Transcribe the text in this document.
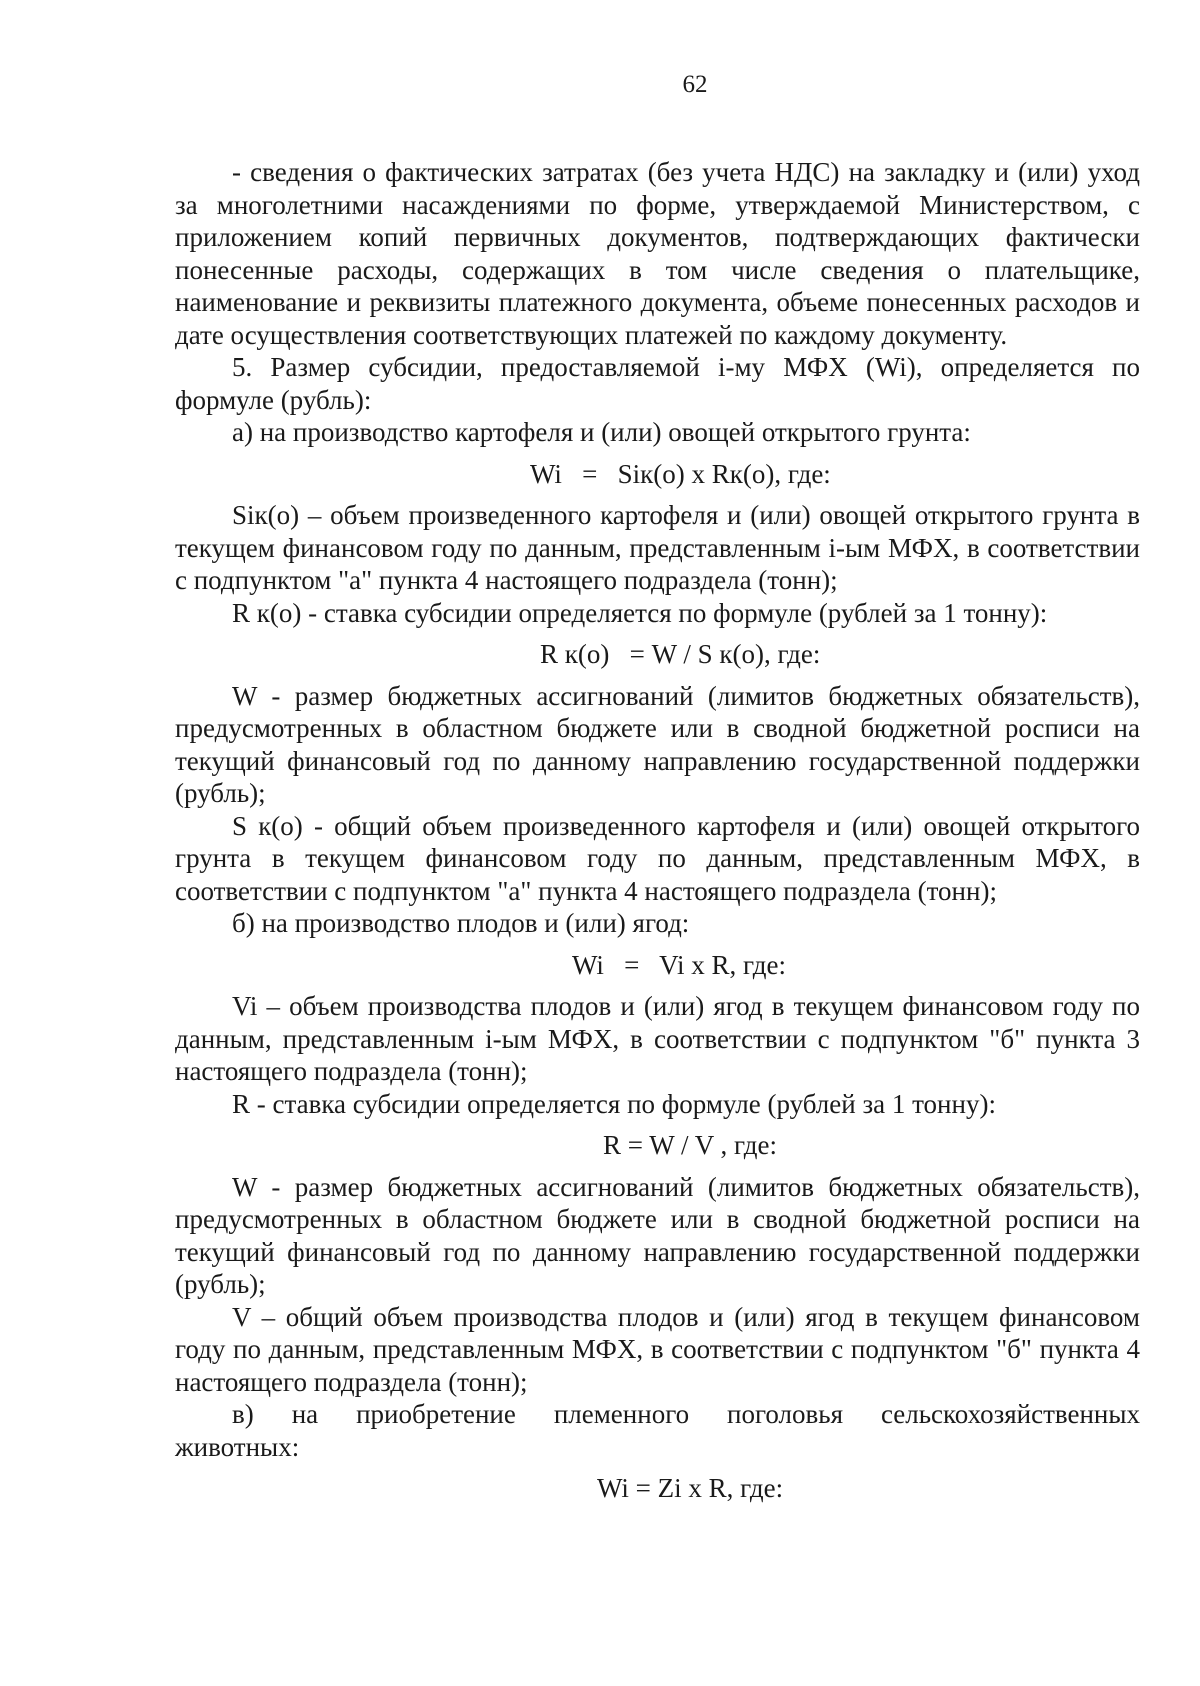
62

- сведения о фактических затратах (без учета НДС) на закладку и (или) уход за многолетними насаждениями по форме, утверждаемой Министерством, с приложением копий первичных документов, подтверждающих фактически понесенные расходы, содержащих в том числе сведения о плательщике, наименование и реквизиты платежного документа, объеме понесенных расходов и дате осуществления соответствующих платежей по каждому документу.

5. Размер субсидии, предоставляемой i-му МФХ (Wi), определяется по формуле (рубль):

а) на производство картофеля и (или) овощей открытого грунта:

Wi   =   Siк(о) х Rк(о), где:

Siк(о) – объем произведенного картофеля и (или) овощей открытого грунта в текущем финансовом году по данным, представленным i-ым МФХ, в соответствии с подпунктом "а" пункта 4 настоящего подраздела (тонн);

R к(о) - ставка субсидии определяется по формуле (рублей за 1 тонну):

R к(о)   = W / S к(о), где:

W - размер бюджетных ассигнований (лимитов бюджетных обязательств), предусмотренных в областном бюджете или в сводной бюджетной росписи на текущий финансовый год по данному направлению государственной поддержки (рубль);

S к(о) - общий объем произведенного картофеля и (или) овощей открытого грунта в текущем финансовом году по данным, представленным МФХ, в соответствии с подпунктом "а" пункта 4 настоящего подраздела (тонн);

б) на производство плодов и (или) ягод:

Wi   =   Vi x R, где:

Vi – объем производства плодов и (или) ягод в текущем финансовом году по данным, представленным i-ым МФХ, в соответствии с подпунктом "б" пункта 3 настоящего подраздела (тонн);

R - ставка субсидии определяется по формуле (рублей за 1 тонну):

R = W / V , где:

W - размер бюджетных ассигнований (лимитов бюджетных обязательств), предусмотренных в областном бюджете или в сводной бюджетной росписи на текущий финансовый год по данному направлению государственной поддержки (рубль);

V – общий объем производства плодов и (или) ягод в текущем финансовом году по данным, представленным МФХ, в соответствии с подпунктом "б" пункта 4 настоящего подраздела (тонн);

в) на приобретение племенного поголовья сельскохозяйственных

животных:

Wi = Zi x R, где:
